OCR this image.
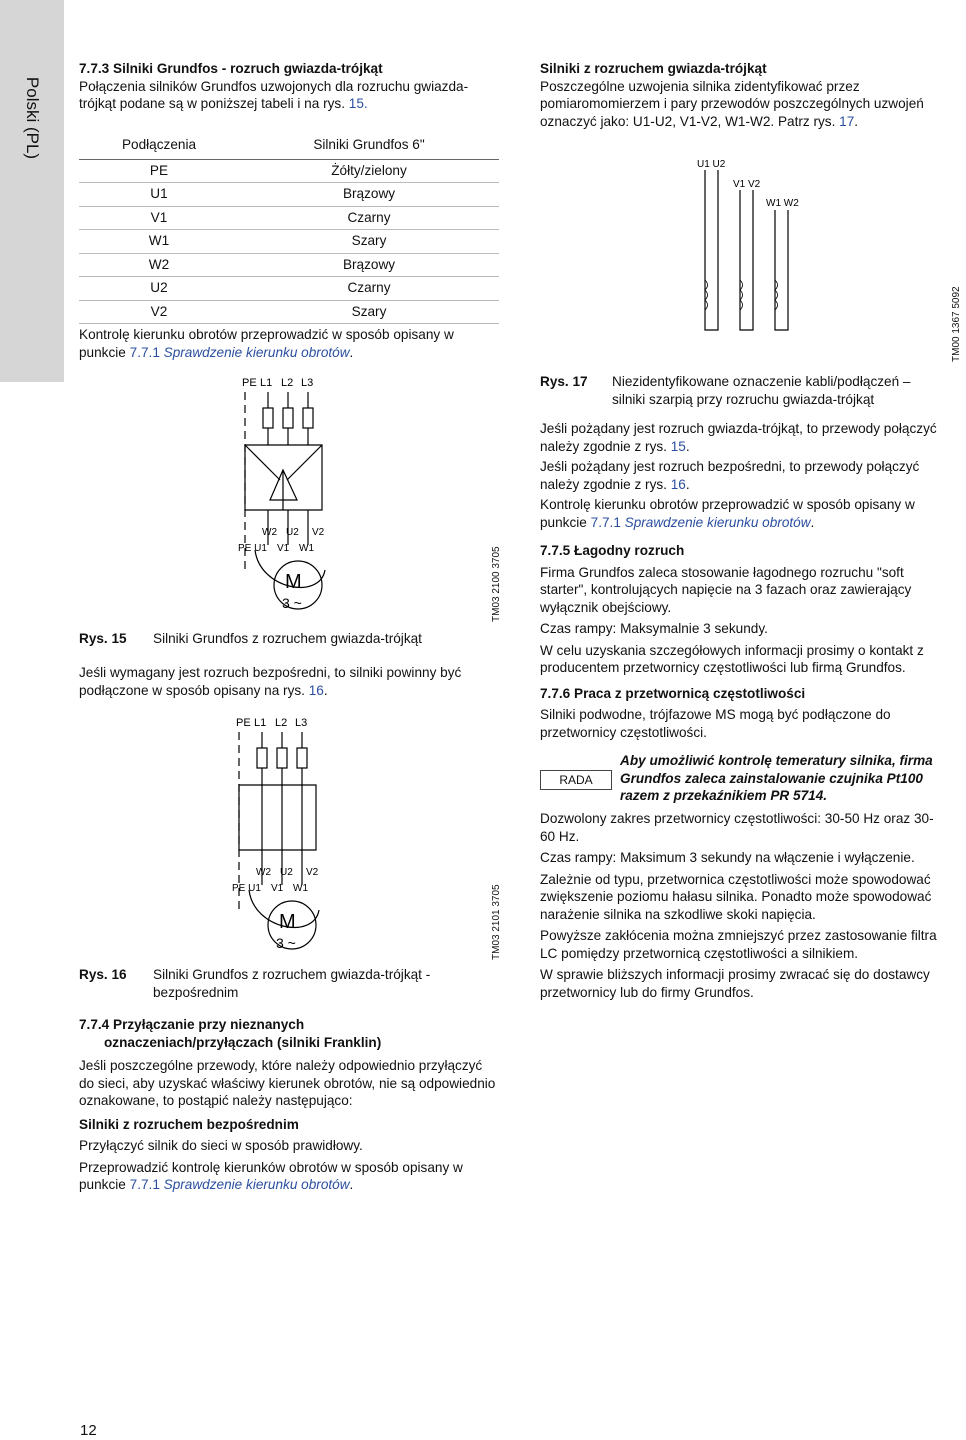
Polski (PL)
7.7.3 Silniki Grundfos - rozruch gwiazda-trójkąt

Połączenia silników Grundfos uzwojonych dla rozruchu gwiazda-trójkąt podane są w poniższej tabeli i na rys. 15.

Podłączenia	Silniki Grundfos 6"
PE	Żółty/zielony
U1	Brązowy
V1	Czarny
W1	Szary
W2	Brązowy
U2	Czarny
V2	Szary

Kontrolę kierunku obrotów przeprowadzić w sposób opisany w punkcie 7.7.1 Sprawdzenie kierunku obrotów.

PE L1 L2 L3
W2 U2 V2
PE U1 V1 W1
M
3 ~	TM03 2100 3705

Rys. 15	Silniki Grundfos z rozruchem gwiazda-trójkąt

Jeśli wymagany jest rozruch bezpośredni, to silniki powinny być podłączone w sposób opisany na rys. 16.

PE L1 L2 L3
W2 U2 V2
PE U1 V1 W1
M
3 ~	TM03 2101 3705

Rys. 16	Silniki Grundfos z rozruchem gwiazda-trójkąt - bezpośrednim

7.7.4 Przyłączanie przy nieznanych
oznaczeniach/przyłączach (silniki Franklin)

Jeśli poszczególne przewody, które należy odpowiednio przyłączyć do sieci, aby uzyskać właściwy kierunek obrotów, nie są odpowiednio oznakowane, to postąpić należy następująco:

Silniki z rozruchem bezpośrednim

Przyłączyć silnik do sieci w sposób prawidłowy.

Przeprowadzić kontrolę kierunków obrotów w sposób opisany w punkcie 7.7.1 Sprawdzenie kierunku obrotów.

Silniki z rozruchem gwiazda-trójkąt

Poszczególne uzwojenia silnika zidentyfikować przez pomiaromomierzem i pary przewodów poszczególnych uzwojeń oznaczyć jako: U1-U2, V1-V2, W1-W2. Patrz rys. 17.

U1 U2
V1 V2
W1 W2
TM00 1367 5092

Rys. 17	Niezidentyfikowane oznaczenie kabli/podłączeń – silniki szarpią przy rozruchu gwiazda-trójkąt

Jeśli pożądany jest rozruch gwiazda-trójkąt, to przewody połączyć należy zgodnie z rys. 15.

Jeśli pożądany jest rozruch bezpośredni, to przewody połączyć należy zgodnie z rys. 16.

Kontrolę kierunku obrotów przeprowadzić w sposób opisany w punkcie 7.7.1 Sprawdzenie kierunku obrotów.

7.7.5 Łagodny rozruch

Firma Grundfos zaleca stosowanie łagodnego rozruchu "soft starter", kontrolujących napięcie na 3 fazach oraz zawierający wyłącznik obejściowy.

Czas rampy: Maksymalnie 3 sekundy.

W celu uzyskania szczegółowych informacji prosimy o kontakt z producentem przetwornicy częstotliwości lub firmą Grundfos.

7.7.6 Praca z przetwornicą częstotliwości

Silniki podwodne, trójfazowe MS mogą być podłączone do przetwornicy częstotliwości.

RADA

Aby umożliwić kontrolę temeratury silnika, firma Grundfos zaleca zainstalowanie czujnika Pt100 razem z przekaźnikiem PR 5714.

Dozwolony zakres przetwornicy częstotliwości: 30-50 Hz oraz 30-60 Hz.

Czas rampy: Maksimum 3 sekundy na włączenie i wyłączenie.

Zależnie od typu, przetwornica częstotliwości może spowodować zwiększenie poziomu hałasu silnika. Ponadto może spowodować narażenie silnika na szkodliwe skoki napięcia.

Powyższe zakłócenia można zmniejszyć przez zastosowanie filtra LC pomiędzy przetwornicą częstotliwości a silnikiem.

W sprawie bliższych informacji prosimy zwracać się do dostawcy przetwornicy lub do firmy Grundfos.

12
